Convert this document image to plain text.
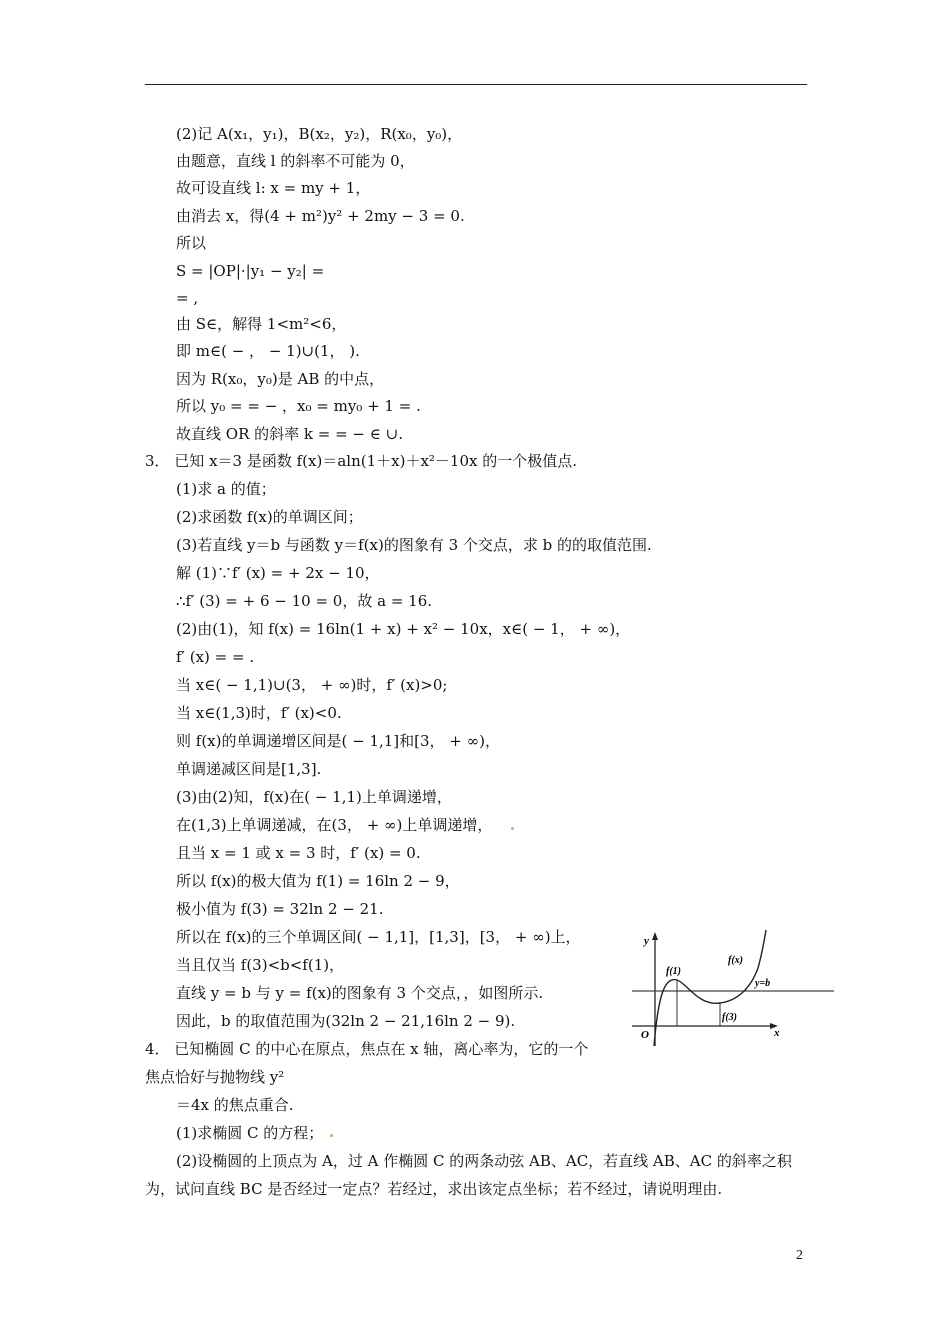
(2)记 A(x₁，y₁)，B(x₂，y₂)，R(x₀，y₀)，
由题意，直线 l 的斜率不可能为 0，
故可设直线 l: x = my + 1，
由消去 x，得(4 + m²)y² + 2my − 3 = 0.
所以
S = |OP|·|y₁ − y₂| =
= ,
由 S∈，解得 1<m²<6，
即 m∈( − ， − 1)∪(1， ).
因为 R(x₀，y₀)是 AB 的中点，
所以 y₀ = = − ，x₀ = my₀ + 1 = .
故直线 OR 的斜率 k = = − ∈ ∪.
3． 已知 x＝3 是函数 f(x)＝aln(1＋x)＋x²－10x 的一个极值点.
(1)求 a 的值；
(2)求函数 f(x)的单调区间；
(3)若直线 y＝b 与函数 y＝f(x)的图象有 3 个交点，求 b 的的取值范围.
解 (1)∵f′ (x) = + 2x − 10，
∴f′ (3) = + 6 − 10 = 0，故 a = 16.
(2)由(1)，知 f(x) = 16ln(1 + x) + x² − 10x，x∈( − 1， + ∞)，
f′ (x) = = .
当 x∈( − 1,1)∪(3， + ∞)时，f′ (x)>0;
当 x∈(1,3)时，f′ (x)<0.
则 f(x)的单调递增区间是( − 1,1]和[3， + ∞)，
单调递减区间是[1,3].
(3)由(2)知，f(x)在( − 1,1)上单调递增，
在(1,3)上单调递减，在(3， + ∞)上单调递增，
且当 x = 1 或 x = 3 时，f′ (x) = 0.
所以 f(x)的极大值为 f(1) = 16ln 2 − 9，
极小值为 f(3) = 32ln 2 − 21.
所以在 f(x)的三个单调区间( − 1,1]，[1,3]，[3， + ∞)上，
当且仅当 f(3)<b<f(1)，
直线 y = b 与 y = f(x)的图象有 3 个交点，，如图所示.
因此，b 的取值范围为(32ln 2 − 21,16ln 2 − 9).
4． 已知椭圆 C 的中心在原点，焦点在 x 轴，离心率为，它的一个
焦点恰好与抛物线 y²
＝4x 的焦点重合.
(1)求椭圆 C 的方程；
(2)设椭圆的上顶点为 A，过 A 作椭圆 C 的两条动弦 AB、AC，若直线 AB、AC 的斜率之积
为，试问直线 BC 是否经过一定点？若经过，求出该定点坐标；若不经过，请说明理由.
y
x
O
f(x)
y=b
f(1)
f(3)
2
